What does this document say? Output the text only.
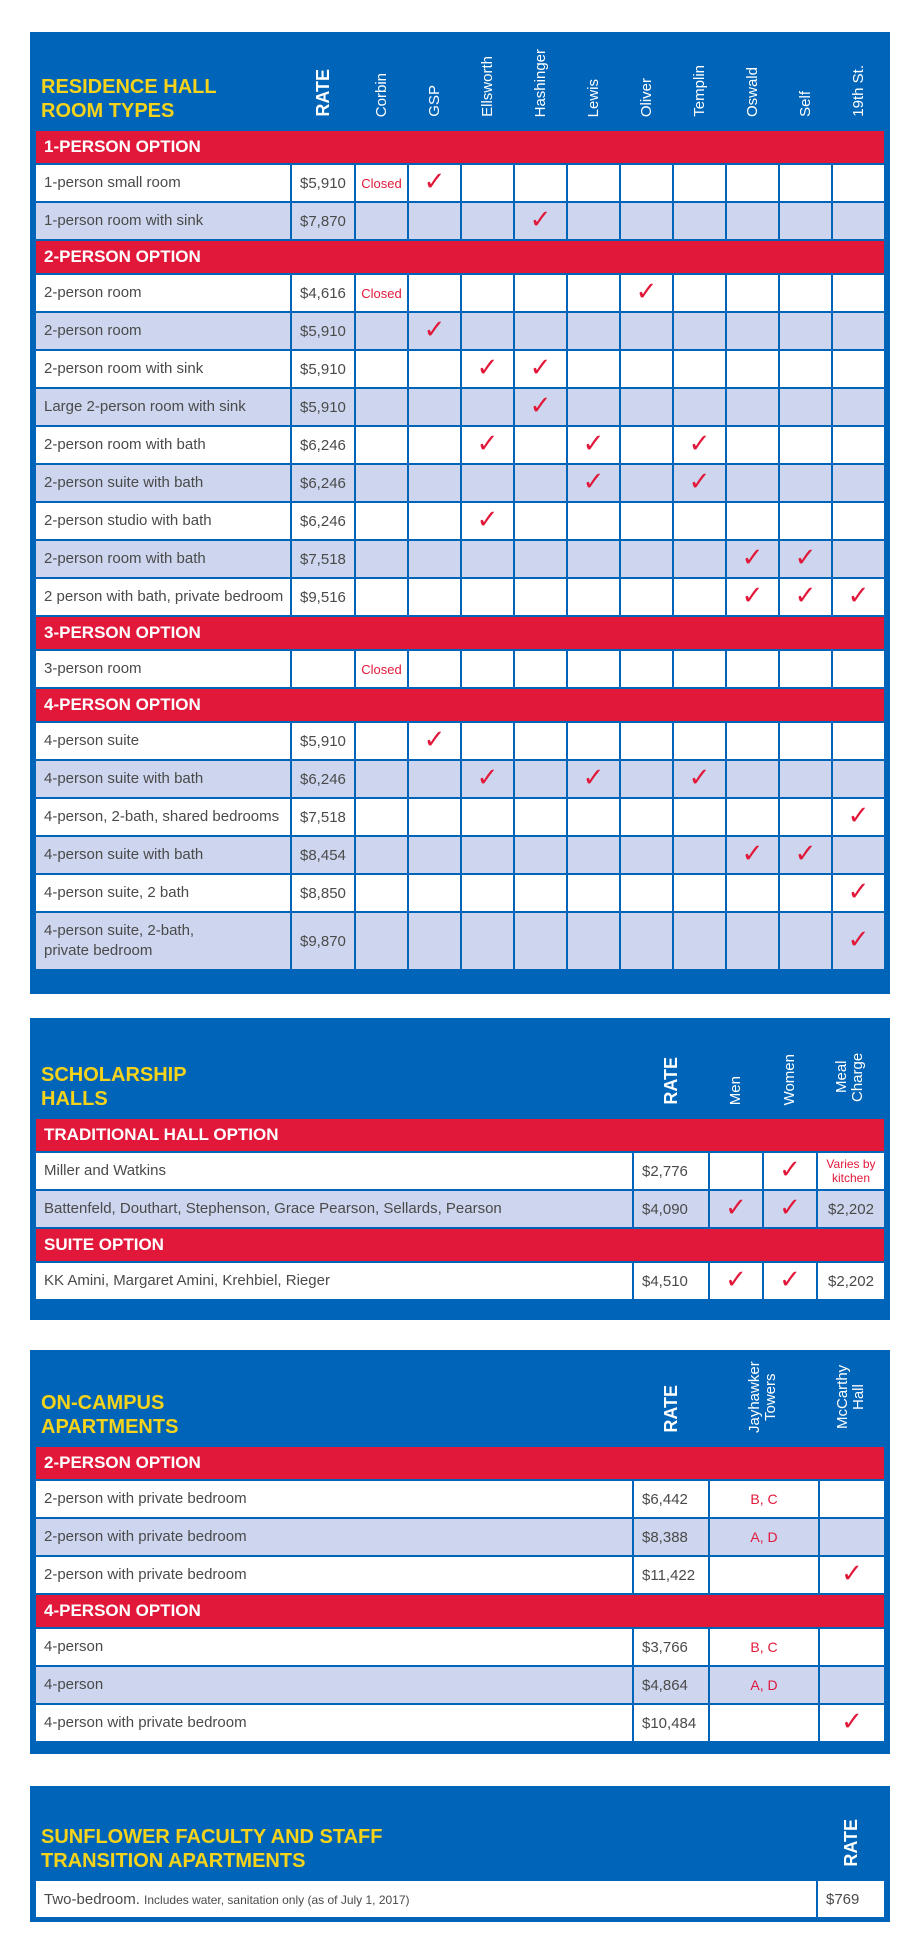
RESIDENCE HALL
ROOM TYPES	RATE	Corbin	GSP	Ellsworth	Hashinger	Lewis	Oliver	Templin	Oswald	Self	19th St.
1-PERSON OPTION											
1-person small room	$5,910	Closed	✓								
1-person room with sink	$7,870				✓						
2-PERSON OPTION											
2-person room	$4,616	Closed					✓				
2-person room	$5,910		✓								
2-person room with sink	$5,910			✓	✓						
Large 2-person room with sink	$5,910				✓						
2-person room with bath	$6,246			✓		✓		✓			
2-person suite with bath	$6,246					✓		✓			
2-person studio with bath	$6,246			✓							
2-person room with bath	$7,518								✓	✓	
2 person with bath, private bedroom	$9,516								✓	✓	✓
3-PERSON OPTION											
3-person room		Closed									
4-PERSON OPTION											
4-person suite	$5,910		✓								
4-person suite with bath	$6,246			✓		✓		✓			
4-person, 2-bath, shared bedrooms	$7,518										✓
4-person suite with bath	$8,454								✓	✓	
4-person suite, 2 bath	$8,850										✓
4-person suite, 2-bath,
private bedroom	$9,870										✓
SCHOLARSHIP
HALLS	RATE	Men	Women	Meal Charge
TRADITIONAL HALL OPTION				
Miller and Watkins	$2,776		✓	Varies by kitchen
Battenfeld, Douthart, Stephenson, Grace Pearson, Sellards, Pearson	$4,090	✓	✓	$2,202
SUITE OPTION				
KK Amini, Margaret Amini, Krehbiel, Rieger	$4,510	✓	✓	$2,202
ON-CAMPUS
APARTMENTS	RATE	Jayhawker Towers	McCarthy Hall
2-PERSON OPTION			
2-person with private bedroom	$6,442	B, C	
2-person with private bedroom	$8,388	A, D	
2-person with private bedroom	$11,422		✓
4-PERSON OPTION			
4-person	$3,766	B, C	
4-person	$4,864	A, D	
4-person with private bedroom	$10,484		✓
SUNFLOWER FACULTY AND STAFF
TRANSITION APARTMENTS	RATE
Two-bedroom. Includes water, sanitation only (as of July 1, 2017)	$769
